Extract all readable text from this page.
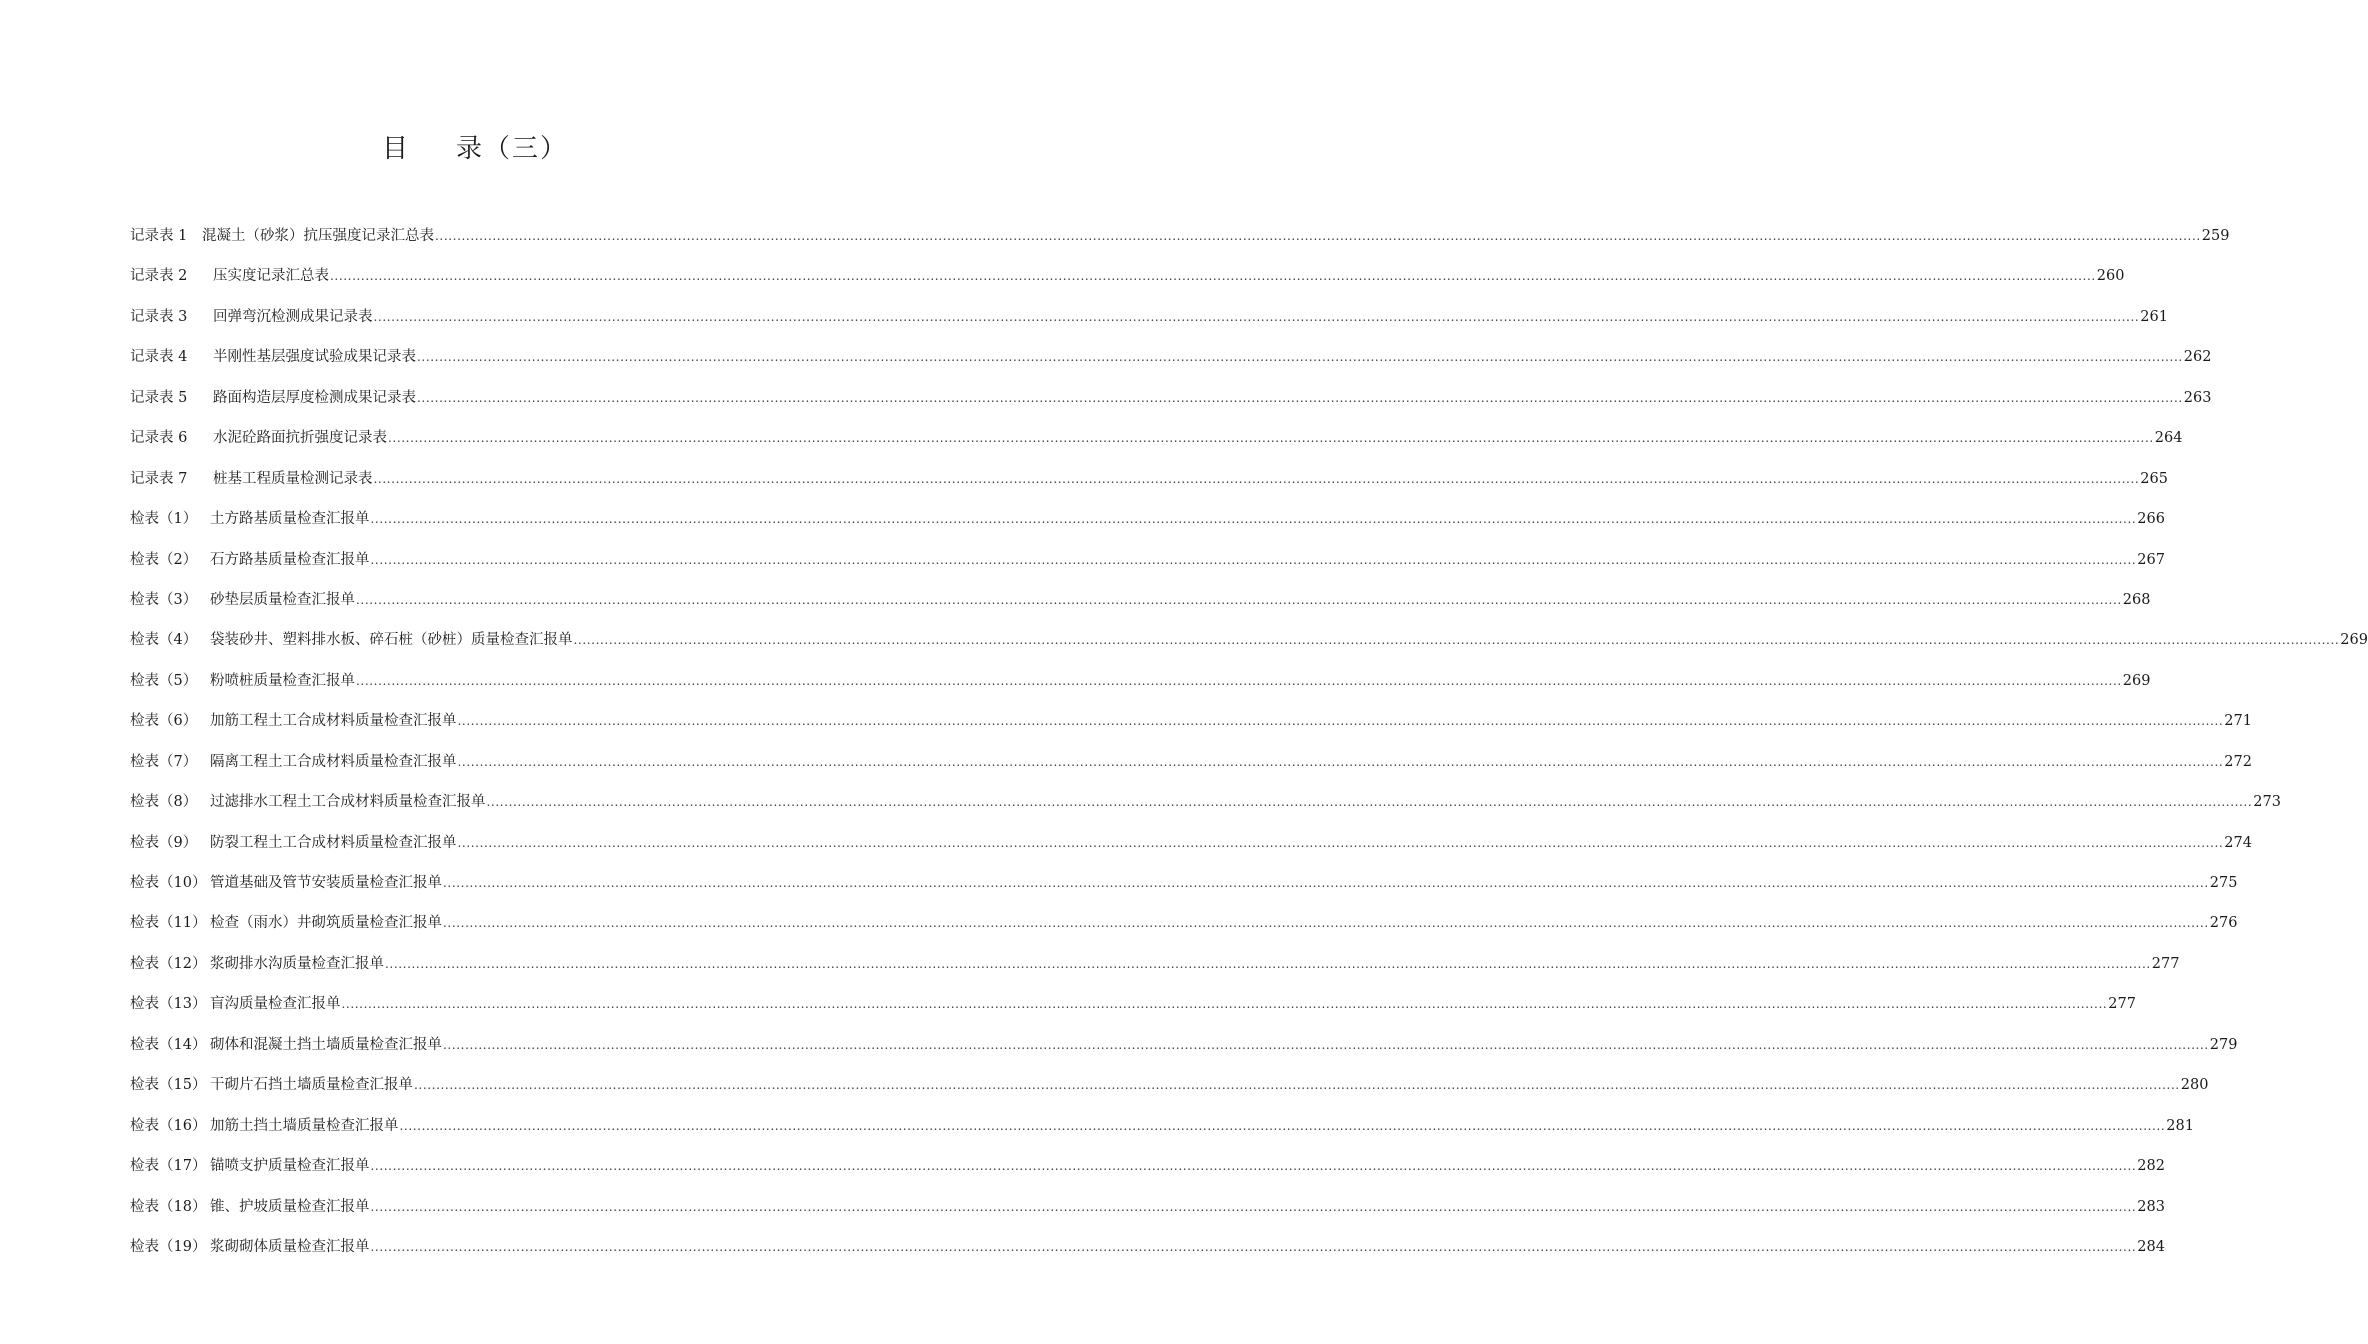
目 录（三）
记录表 1	混凝土（砂浆）抗压强度记录汇总表 ................................................................................................................................................................................................................................................................................................................................................................................................................ 259
记录表 2	压实度记录汇总表 ................................................................................................................................................................................................................................................................................................................................................................................................................ 260
记录表 3	回弹弯沉检测成果记录表 ................................................................................................................................................................................................................................................................................................................................................................................................................ 261
记录表 4	半刚性基层强度试验成果记录表 ................................................................................................................................................................................................................................................................................................................................................................................................................ 262
记录表 5	路面构造层厚度检测成果记录表 ................................................................................................................................................................................................................................................................................................................................................................................................................ 263
记录表 6	水泥砼路面抗折强度记录表 ................................................................................................................................................................................................................................................................................................................................................................................................................ 264
记录表 7	桩基工程质量检测记录表 ................................................................................................................................................................................................................................................................................................................................................................................................................ 265
检表（1） 土方路基质量检查汇报单 ................................................................................................................................................................................................................................................................................................................................................................................................................ 266
检表（2） 石方路基质量检查汇报单 ................................................................................................................................................................................................................................................................................................................................................................................................................ 267
检表（3） 砂垫层质量检查汇报单 ................................................................................................................................................................................................................................................................................................................................................................................................................ 268
检表（4） 袋装砂井、塑料排水板、碎石桩（砂桩）质量检查汇报单 ................................................................................................................................................................................................................................................................................................................................................................................................................ 269
检表（5） 粉喷桩质量检查汇报单 ................................................................................................................................................................................................................................................................................................................................................................................................................ 269
检表（6） 加筋工程土工合成材料质量检查汇报单 ................................................................................................................................................................................................................................................................................................................................................................................................................ 271
检表（7） 隔离工程土工合成材料质量检查汇报单 ................................................................................................................................................................................................................................................................................................................................................................................................................ 272
检表（8） 过滤排水工程土工合成材料质量检查汇报单 ................................................................................................................................................................................................................................................................................................................................................................................................................ 273
检表（9） 防裂工程土工合成材料质量检查汇报单 ................................................................................................................................................................................................................................................................................................................................................................................................................ 274
检表（10） 管道基础及管节安装质量检查汇报单 ................................................................................................................................................................................................................................................................................................................................................................................................................ 275
检表（11） 检查（雨水）井砌筑质量检查汇报单 ................................................................................................................................................................................................................................................................................................................................................................................................................ 276
检表（12） 浆砌排水沟质量检查汇报单 ................................................................................................................................................................................................................................................................................................................................................................................................................ 277
检表（13） 盲沟质量检查汇报单 ................................................................................................................................................................................................................................................................................................................................................................................................................ 277
检表（14） 砌体和混凝土挡土墙质量检查汇报单 ................................................................................................................................................................................................................................................................................................................................................................................................................ 279
检表（15） 干砌片石挡土墙质量检查汇报单 ................................................................................................................................................................................................................................................................................................................................................................................................................ 280
检表（16） 加筋土挡土墙质量检查汇报单 ................................................................................................................................................................................................................................................................................................................................................................................................................ 281
检表（17） 锚喷支护质量检查汇报单 ................................................................................................................................................................................................................................................................................................................................................................................................................ 282
检表（18） 锥、护坡质量检查汇报单 ................................................................................................................................................................................................................................................................................................................................................................................................................ 283
检表（19） 浆砌砌体质量检查汇报单 ................................................................................................................................................................................................................................................................................................................................................................................................................ 284
